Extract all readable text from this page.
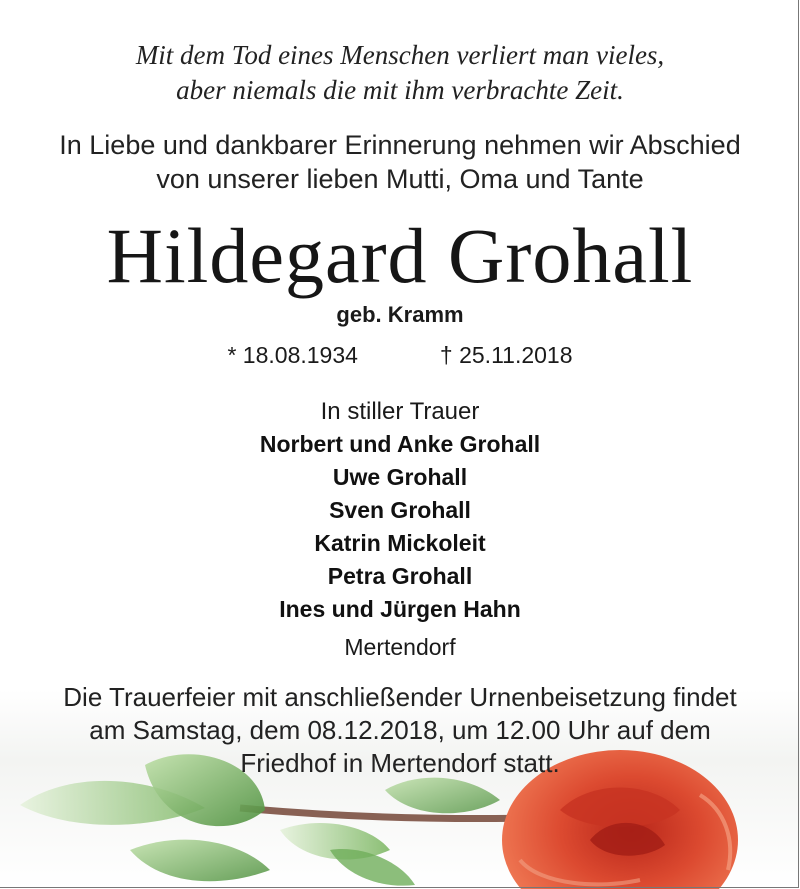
Mit dem Tod eines Menschen verliert man vieles,
aber niemals die mit ihm verbrachte Zeit.
In Liebe und dankbarer Erinnerung nehmen wir Abschied
von unserer lieben Mutti, Oma und Tante
Hildegard Grohall
geb. Kramm
* 18.08.1934	† 25.11.2018
In stiller Trauer
Norbert und Anke Grohall
Uwe Grohall
Sven Grohall
Katrin Mickoleit
Petra Grohall
Ines und Jürgen Hahn
Mertendorf
Die Trauerfeier mit anschließender Urnenbeisetzung findet
am Samstag, dem 08.12.2018, um 12.00 Uhr auf dem
Friedhof in Mertendorf statt.
